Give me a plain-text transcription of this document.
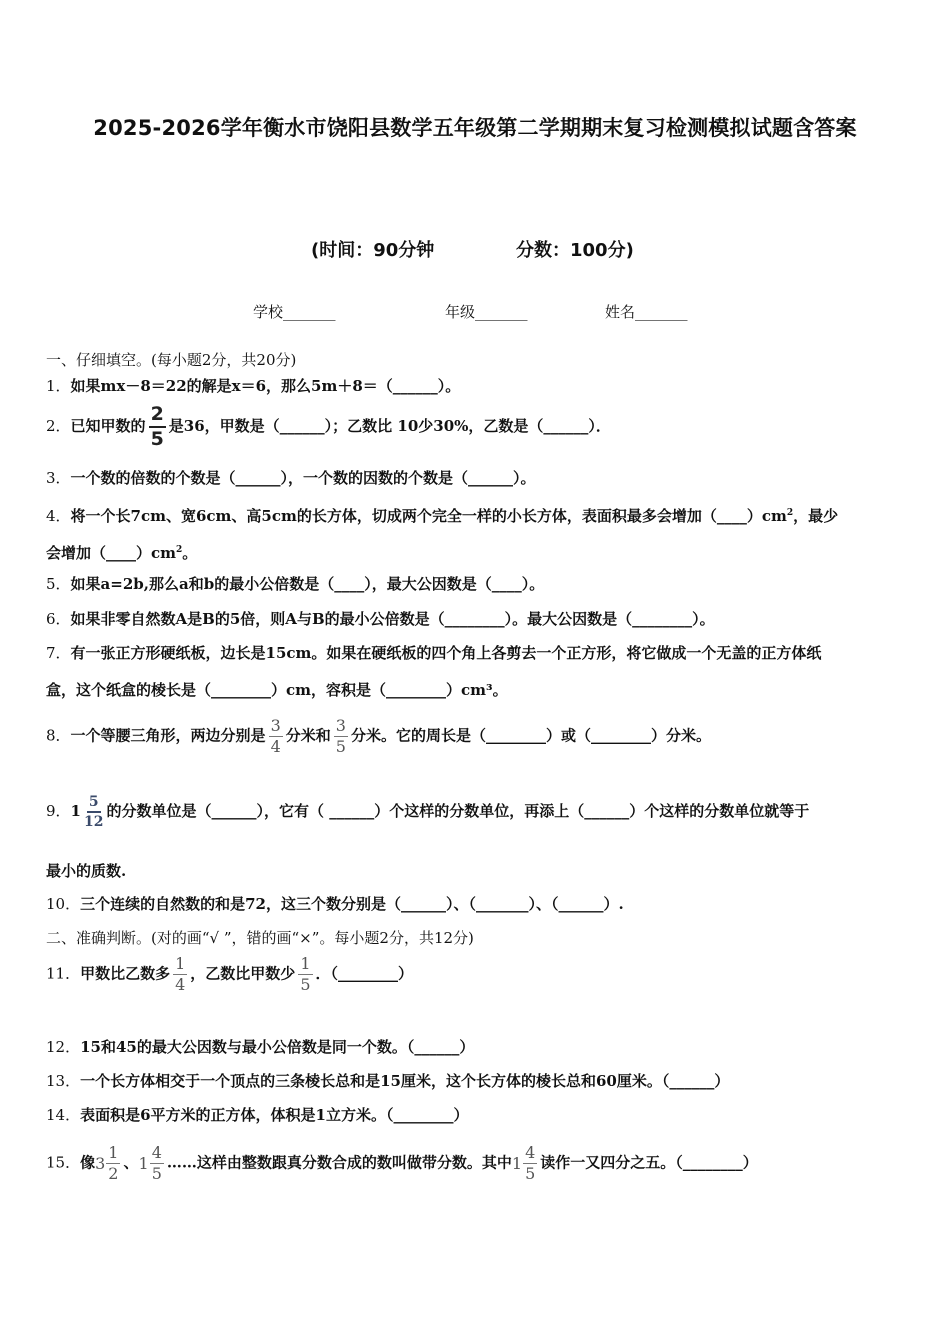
2025-2026学年衡水市饶阳县数学五年级第二学期期末复习检测模拟试题含答案
(时间：90分钟	分数：100分)
学校_______	年级_______	姓名_______
一、仔细填空。(每小题2分，共20分)
1．如果mx－8＝22的解是x＝6，那么5m＋8＝（______）。
2．已知甲数的 $\frac{2}{5}$ 是36，甲数是（______）；乙数比 10少30%，乙数是（______）．
3．一个数的倍数的个数是（______），一个数的因数的个数是（______）。
4．将一个长7cm、宽6cm、高5cm的长方体，切成两个完全一样的小长方体，表面积最多会增加$(\_\_\_\_)cm^2$，最少
会增加$(\_\_\_\_)cm^2$。
5．如果a=2b,那么a和b的最小公倍数是（____），最大公因数是（____）。
6．如果非零自然数A是B的5倍，则A与B的最小公倍数是（________）。最大公因数是（________）。
7．有一张正方形硬纸板，边长是15cm。如果在硬纸板的四个角上各剪去一个正方形，将它做成一个无盖的正方体纸
盒，这个纸盒的棱长是（________）cm，容积是（________）cm³。
8．一个等腰三角形，两边分别是 $\frac{3}{4}$ 分米和 $\frac{3}{5}$ 分米。它的周长是（________）或（________）分米。
9．$1 \frac{5}{12}$ 的分数单位是（______），它有（ ______）个这样的分数单位，再添上（______）个这样的分数单位就等于
最小的质数.
10．三个连续的自然数的和是72，这三个数分别是（______）、（_______）、（______）.
二、准确判断。(对的画“√ ”，错的画“×”。每小题2分，共12分)
11．甲数比乙数多 $\frac{1}{4}$ ，乙数比甲数少 $\frac{1}{5}$ ．（________）
12．15和45的最大公因数与最小公倍数是同一个数。（______）
13．一个长方体相交于一个顶点的三条棱长总和是15厘米，这个长方体的棱长总和60厘米。（______）
14．表面积是6平方米的正方体，体积是1立方米。（________）
15．像 $3 \frac{1}{2}$ 、 $1 \frac{4}{5}$ ……这样由整数跟真分数合成的数叫做带分数。其中 $1 \frac{4}{5}$ 读作一又四分之五。（________）
